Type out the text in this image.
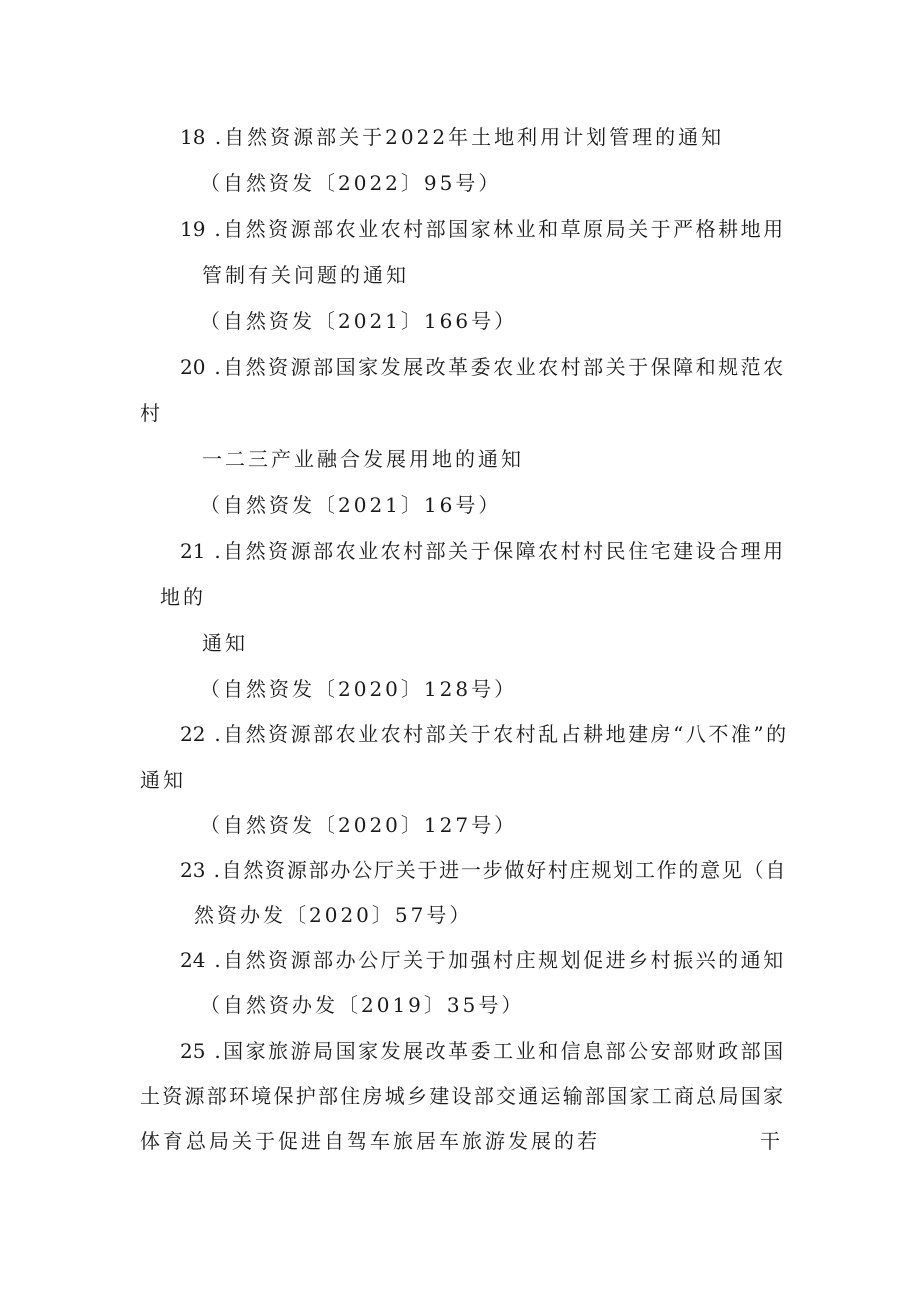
18 .自然资源部关于2022年土地利用计划管理的通知
（自然资发〔2022〕95号）
19 .自然资源部农业农村部国家林业和草原局关于严格耕地用
管制有关问题的通知
（自然资发〔2021〕166号）
20 .自然资源部国家发展改革委农业农村部关于保障和规范农
村
一二三产业融合发展用地的通知
（自然资发〔2021〕16号）
21 .自然资源部农业农村部关于保障农村村民住宅建设合理用
地的
通知
（自然资发〔2020〕128号）
22 .自然资源部农业农村部关于农村乱占耕地建房“八不准”的
通知
（自然资发〔2020〕127号）
23 .自然资源部办公厅关于进一步做好村庄规划工作的意见（自
然资办发〔2020〕57号）
24 .自然资源部办公厅关于加强村庄规划促进乡村振兴的通知
（自然资办发〔2019〕35号）
25 .国家旅游局国家发展改革委工业和信息部公安部财政部国
土资源部环境保护部住房城乡建设部交通运输部国家工商总局国家
体育总局关于促进自驾车旅居车旅游发展的若	干
